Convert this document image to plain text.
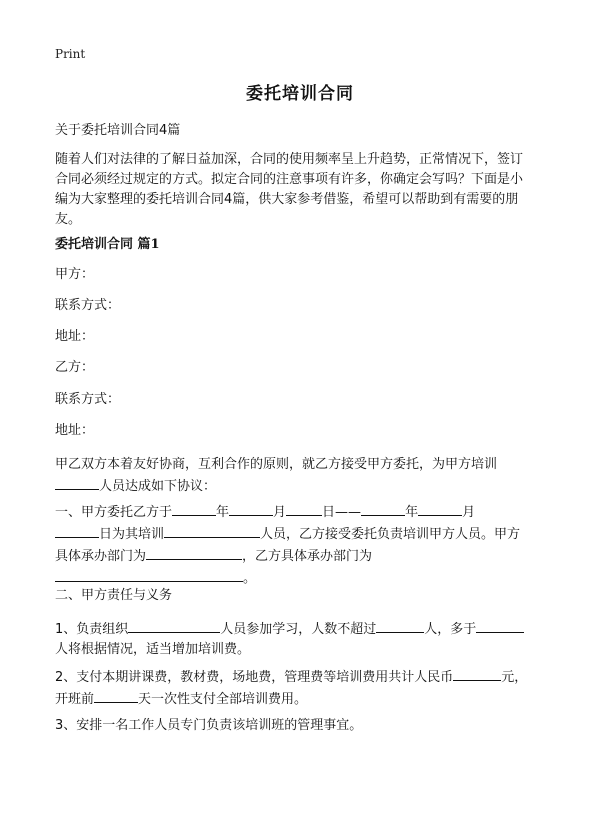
Print
委托培训合同
关于委托培训合同4篇
随着人们对法律的了解日益加深，合同的使用频率呈上升趋势，正常情况下，签订
合同必须经过规定的方式。拟定合同的注意事项有许多，你确定会写吗？下面是小
编为大家整理的委托培训合同4篇，供大家参考借鉴，希望可以帮助到有需要的朋
友。
委托培训合同 篇1
甲方：
联系方式：
地址：
乙方：
联系方式：
地址：
甲乙双方本着友好协商，互利合作的原则，就乙方接受甲方委托，为甲方培训
人员达成如下协议：
一、甲方委托乙方于	年	月	日——	年	月
日为其培训	人员，乙方接受委托负责培训甲方人员。甲方
具体承办部门为	，乙方具体承办部门为
。
二、甲方责任与义务
1、负责组织	人员参加学习，人数不超过	人，多于
人将根据情况，适当增加培训费。
2、支付本期讲课费，教材费，场地费，管理费等培训费用共计人民币	元，
开班前	天一次性支付全部培训费用。
3、安排一名工作人员专门负责该培训班的管理事宜。
